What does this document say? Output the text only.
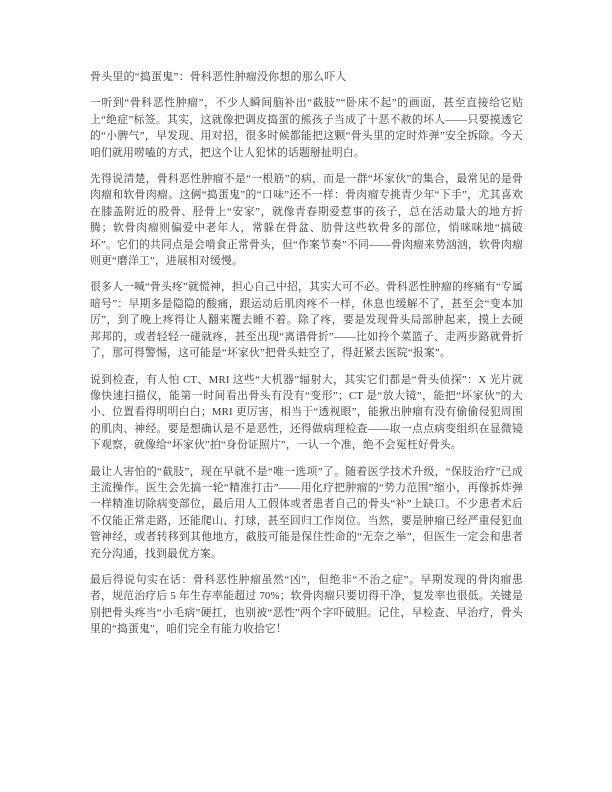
骨头里的“捣蛋鬼”：骨科恶性肿瘤没你想的那么吓人

一听到“骨科恶性肿瘤”，不少人瞬间脑补出“截肢”“卧床不起”的画面，甚至直接给它贴上“绝症”标签。其实，这就像把调皮捣蛋的熊孩子当成了十恶不赦的坏人——只要摸透它的“小脾气”，早发现、用对招，很多时候都能把这颗“骨头里的定时炸弹”安全拆除。今天咱们就用唠嗑的方式，把这个让人犯怵的话题掰扯明白。

先得说清楚，骨科恶性肿瘤不是“一根筋”的病，而是一群“坏家伙”的集合，最常见的是骨肉瘤和软骨肉瘤。这俩“捣蛋鬼”的“口味”还不一样：骨肉瘤专挑青少年“下手”，尤其喜欢在膝盖附近的股骨、胫骨上“安家”，就像青春期爱惹事的孩子，总在活动量大的地方折腾；软骨肉瘤则偏爱中老年人，常躲在骨盆、肋骨这些软骨多的部位，悄咪咪地“搞破坏”。它们的共同点是会啃食正常骨头，但“作案节奏”不同——骨肉瘤来势汹汹，软骨肉瘤则更“磨洋工”，进展相对缓慢。

很多人一喊“骨头疼”就慌神，担心自己中招，其实大可不必。骨科恶性肿瘤的疼痛有“专属暗号”：早期多是隐隐的酸痛，跟运动后肌肉疼不一样，休息也缓解不了，甚至会“变本加厉”，到了晚上疼得让人翻来覆去睡不着。除了疼，要是发现骨头局部肿起来，摸上去硬邦邦的，或者轻轻一碰就疼，甚至出现“离谱骨折”——比如拎个菜篮子、走两步路就骨折了，那可得警惕，这可能是“坏家伙”把骨头蛀空了，得赶紧去医院“报案”。

说到检查，有人怕 CT、MRI 这些“大机器”辐射大，其实它们都是“骨头侦探”：X 光片就像快速扫描仪，能第一时间看出骨头有没有“变形”；CT 是“放大镜”，能把“坏家伙”的大小、位置看得明明白白；MRI 更厉害，相当于“透视眼”，能揪出肿瘤有没有偷偷侵犯周围的肌肉、神经。要是想确认是不是恶性，还得做病理检查——取一点点病变组织在显微镜下观察，就像给“坏家伙”拍“身份证照片”，一认一个准，绝不会冤枉好骨头。

最让人害怕的“截肢”，现在早就不是“唯一选项”了。随着医学技术升级，“保肢治疗”已成主流操作。医生会先搞一轮“精准打击”——用化疗把肿瘤的“势力范围”缩小，再像拆炸弹一样精准切除病变部位，最后用人工假体或者患者自己的骨头“补”上缺口。不少患者术后不仅能正常走路，还能爬山、打球，甚至回归工作岗位。当然，要是肿瘤已经严重侵犯血管神经，或者转移到其他地方，截肢可能是保住性命的“无奈之举”，但医生一定会和患者充分沟通，找到最优方案。

最后得说句实在话：骨科恶性肿瘤虽然“凶”，但绝非“不治之症”。早期发现的骨肉瘤患者，规范治疗后 5 年生存率能超过 70%；软骨肉瘤只要切得干净，复发率也很低。关键是别把骨头疼当“小毛病”硬扛，也别被“恶性”两个字吓破胆。记住，早检查、早治疗，骨头里的“捣蛋鬼”，咱们完全有能力收拾它！
